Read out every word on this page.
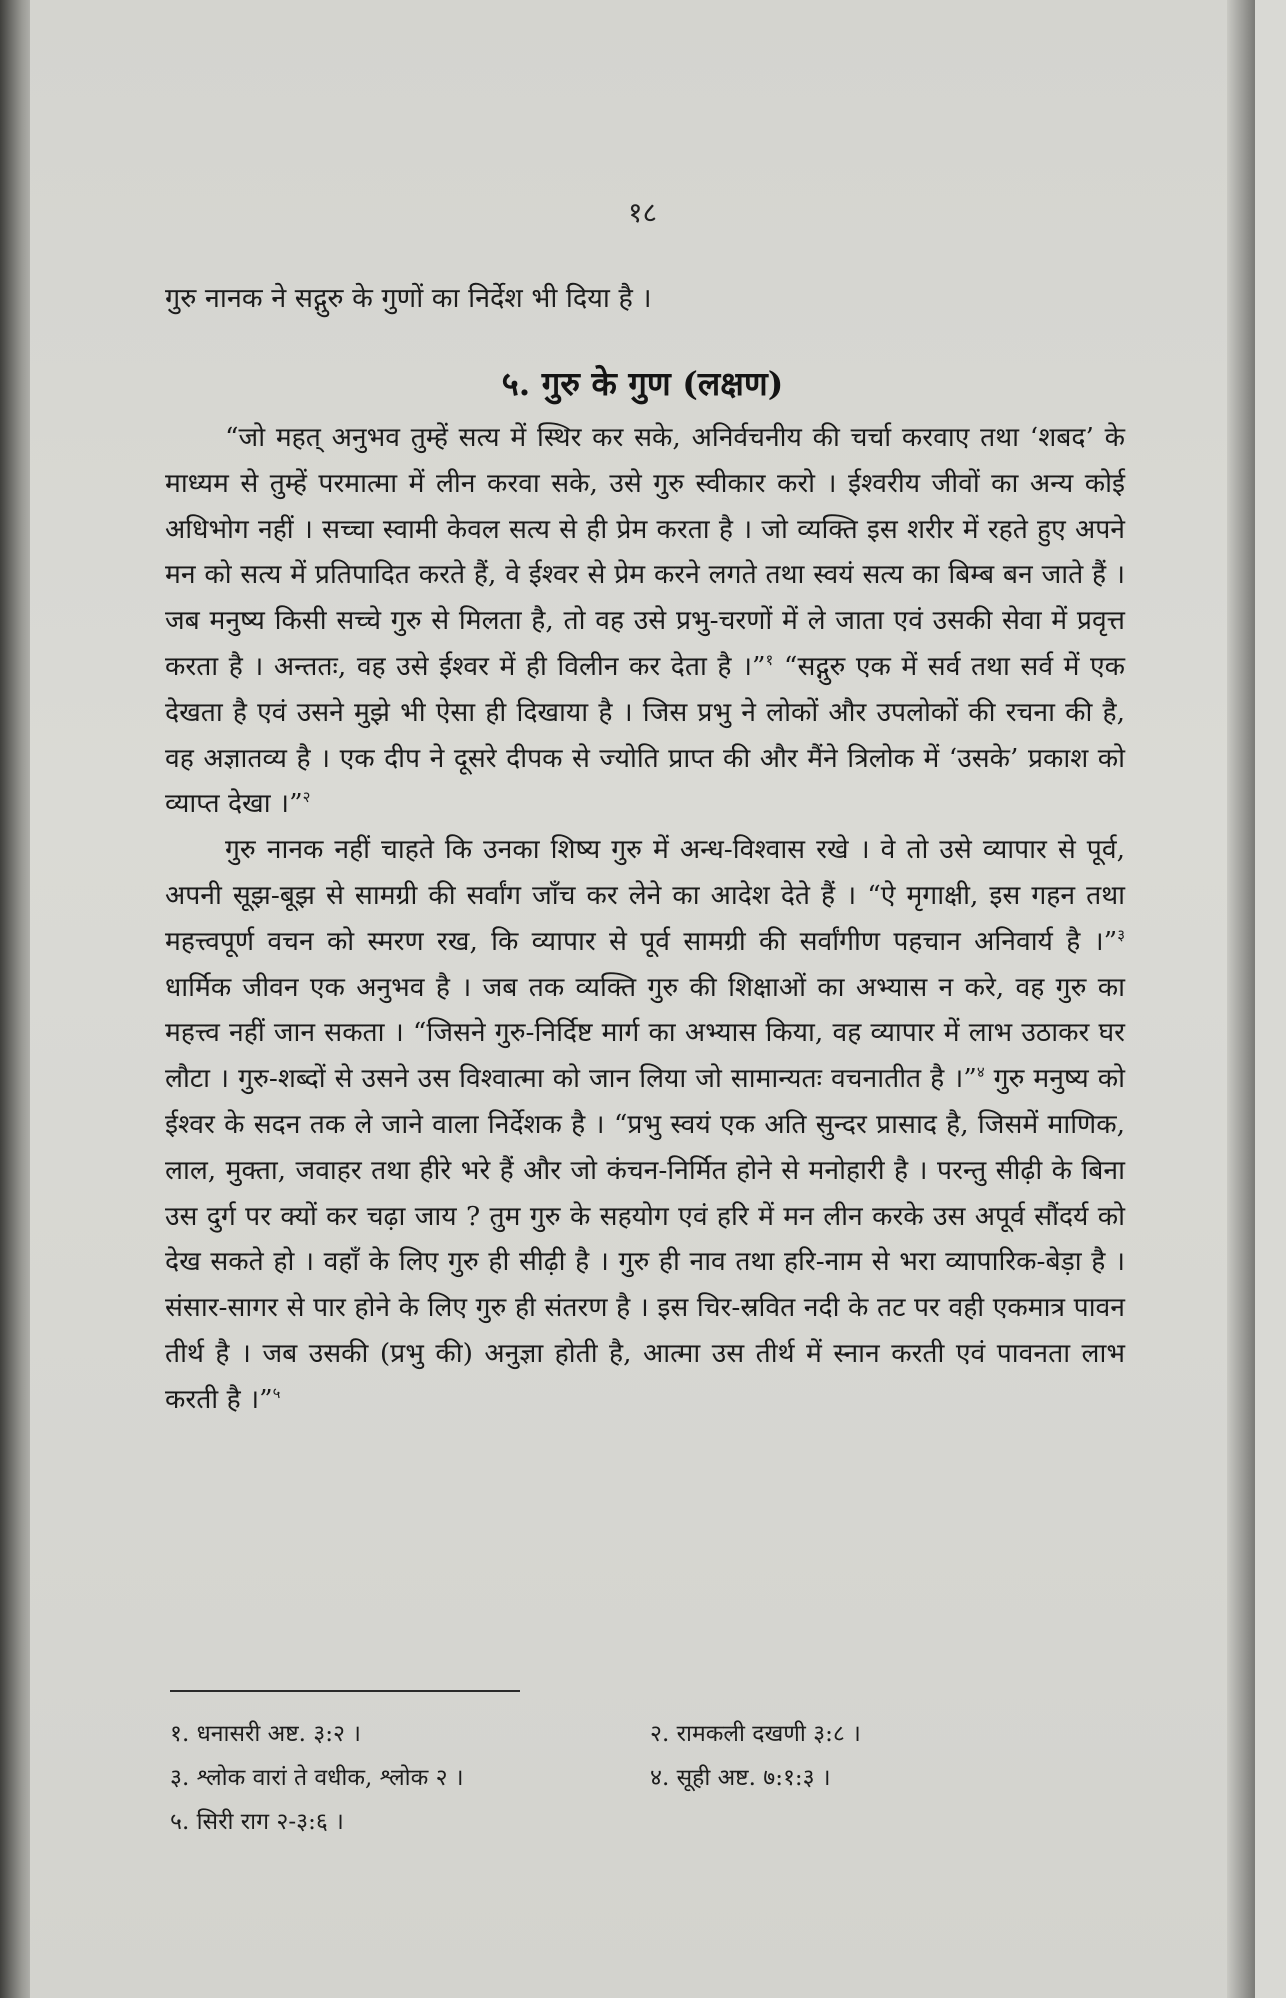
१८
गुरु नानक ने सद्गुरु के गुणों का निर्देश भी दिया है ।
५. गुरु के गुण (लक्षण)

“जो महत् अनुभव तुम्हें सत्य में स्थिर कर सके, अनिर्वचनीय की चर्चा करवाए तथा ‘शबद’ के माध्यम से तुम्हें परमात्मा में लीन करवा सके, उसे गुरु स्वीकार करो । ईश्वरीय जीवों का अन्य कोई अधिभोग नहीं । सच्चा स्वामी केवल सत्य से ही प्रेम करता है । जो व्यक्ति इस शरीर में रहते हुए अपने मन को सत्य में प्रतिपादित करते हैं, वे ईश्वर से प्रेम करने लगते तथा स्वयं सत्य का बिम्ब बन जाते हैं । जब मनुष्य किसी सच्चे गुरु से मिलता है, तो वह उसे प्रभु-चरणों में ले जाता एवं उसकी सेवा में प्रवृत्त करता है । अन्ततः, वह उसे ईश्वर में ही विलीन कर देता है ।”$^१$ “सद्गुरु एक में सर्व तथा सर्व में एक देखता है एवं उसने मुझे भी ऐसा ही दिखाया है । जिस प्रभु ने लोकों और उपलोकों की रचना की है, वह अज्ञातव्य है । एक दीप ने दूसरे दीपक से ज्योति प्राप्त की और मैंने त्रिलोक में ‘उसके’ प्रकाश को व्याप्त देखा ।”$^२$

गुरु नानक नहीं चाहते कि उनका शिष्य गुरु में अन्ध-विश्वास रखे । वे तो उसे व्यापार से पूर्व, अपनी सूझ-बूझ से सामग्री की सर्वांग जाँच कर लेने का आदेश देते हैं । “ऐ मृगाक्षी, इस गहन तथा महत्त्वपूर्ण वचन को स्मरण रख, कि व्यापार से पूर्व सामग्री की सर्वांगीण पहचान अनिवार्य है ।”$^३$ धार्मिक जीवन एक अनुभव है । जब तक व्यक्ति गुरु की शिक्षाओं का अभ्यास न करे, वह गुरु का महत्त्व नहीं जान सकता । “जिसने गुरु-निर्दिष्ट मार्ग का अभ्यास किया, वह व्यापार में लाभ उठाकर घर लौटा । गुरु-शब्दों से उसने उस विश्वात्मा को जान लिया जो सामान्यतः वचनातीत है ।”$^४$ गुरु मनुष्य को ईश्वर के सदन तक ले जाने वाला निर्देशक है । “प्रभु स्वयं एक अति सुन्दर प्रासाद है, जिसमें माणिक, लाल, मुक्ता, जवाहर तथा हीरे भरे हैं और जो कंचन-निर्मित होने से मनोहारी है । परन्तु सीढ़ी के बिना उस दुर्ग पर क्यों कर चढ़ा जाय ? तुम गुरु के सहयोग एवं हरि में मन लीन करके उस अपूर्व सौंदर्य को देख सकते हो । वहाँ के लिए गुरु ही सीढ़ी है । गुरु ही नाव तथा हरि-नाम से भरा व्यापारिक-बेड़ा है । संसार-सागर से पार होने के लिए गुरु ही संतरण है । इस चिर-स्रवित नदी के तट पर वही एकमात्र पावन तीर्थ है । जब उसकी (प्रभु की) अनुज्ञा होती है, आत्मा उस तीर्थ में स्नान करती एवं पावनता लाभ करती है ।”$^५$

१. धनासरी अष्ट. ३:२ ।	२. रामकली दखणी ३:८ ।
३. श्लोक वारां ते वधीक, श्लोक २ ।	४. सूही अष्ट. ७:१:३ ।
५. सिरी राग २-३:६ ।
